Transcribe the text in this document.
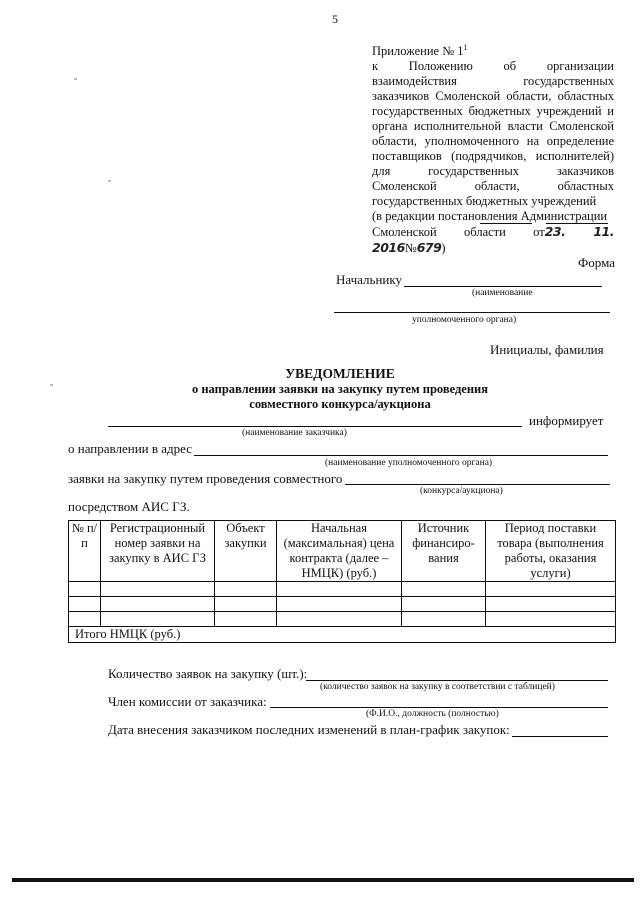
5
Приложение № $1^1$
к Положению об организации
взаимодействия государственных
заказчиков Смоленской области, областных
государственных бюджетных учреждений и
органа исполнительной власти Смоленской
области, уполномоченного на определение
поставщиков (подрядчиков, исполнителей)
для государственных заказчиков
Смоленской области, областных
государственных бюджетных учреждений
(в редакции постановления Администрации
Смоленской области от23. 11. 2016№679)
Форма
Начальнику
(наименование
уполномоченного органа)
Инициалы, фамилия
УВЕДОМЛЕНИЕ
о направлении заявки на закупку путем проведения
совместного конкурса/аукциона
информирует
(наименование заказчика)
о направлении в адрес
(наименование уполномоченного органа)
заявки на закупку путем проведения совместного
(конкурса/аукциона)
посредством АИС ГЗ.
№ п/п	Регистрационный номер заявки на закупку в АИС ГЗ	Объект закупки	Начальная (максимальная) цена контракта (далее – НМЦК) (руб.)	Источник финансиро-вания	Период поставки товара (выполнения работы, оказания услуги)

Итого НМЦК (руб.)					
Количество заявок на закупку (шт.):
(количество заявок на закупку в соответствии с таблицей)
Член комиссии от заказчика:
(Ф.И.О., должность (полностью)
Дата внесения заказчиком последних изменений в план-график закупок:
